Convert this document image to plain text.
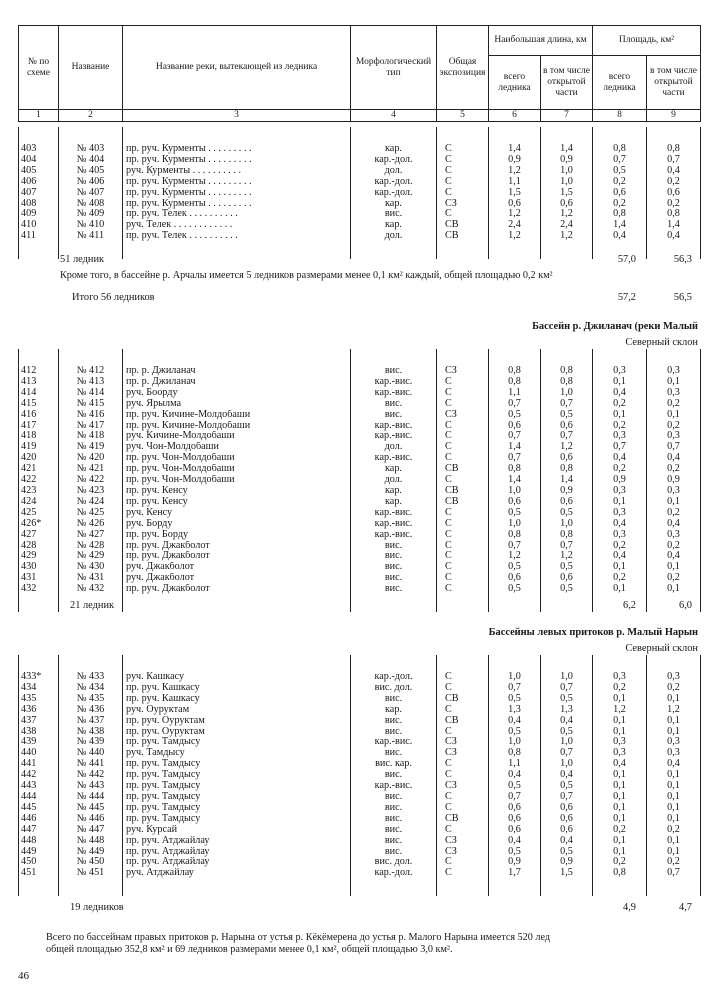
№ по схеме	Название	Название реки, вытекающей из ледника	Морфологический тип	Общая экспозиция	Наибольшая длина, км		Площадь, км²	
					всего ледника	в том числе открытой части	всего ледника	в том числе открытой части
1	2	3	4	5	6	7	8	9

403	№ 403	пр. руч. Курменты . . . . . . . . .	кар.	С	1,4	1,4	0,8	0,8
404	№ 404	пр. руч. Курменты . . . . . . . . .	кар.-дол.	С	0,9	0,9	0,7	0,7
405	№ 405	руч. Курменты . . . . . . . . . .	дол.	С	1,2	1,0	0,5	0,4
406	№ 406	пр. руч. Курменты . . . . . . . . .	кар.-дол.	С	1,1	1,0	0,2	0,2
407	№ 407	пр. руч. Курменты . . . . . . . . .	кар.-дол.	С	1,5	1,5	0,6	0,6
408	№ 408	пр. руч. Курменты . . . . . . . . .	кар.	СЗ	0,6	0,6	0,2	0,2
409	№ 409	пр. руч. Телек . . . . . . . . . .	вис.	С	1,2	1,2	0,8	0,8
410	№ 410	руч. Телек . . . . . . . . . . . .	кар.	СВ	2,4	2,4	1,4	1,4
411	№ 411	пр. руч. Телек . . . . . . . . . .	дол.	СВ	1,2	1,2	0,4	0,4

51 ледник	57,0	56,3
Кроме того, в бассейне р. Арчалы имеется 5 ледников размерами менее 0,1 км² каждый, общей площадью 0,2 км²
Итого 56 ледников	57,2	56,5
Бассейн р. Джиланач (реки Малый
Северный склон

412	№ 412	пр. р. Джиланач	вис.	СЗ	0,8	0,8	0,3	0,3
413	№ 413	пр. р. Джиланач	кар.-вис.	С	0,8	0,8	0,1	0,1
414	№ 414	руч. Боорду	кар.-вис.	С	1,1	1,0	0,4	0,3
415	№ 415	руч. Ярылма	вис.	С	0,7	0,7	0,2	0,2
416	№ 416	пр. руч. Кичине-Молдобаши	вис.	СЗ	0,5	0,5	0,1	0,1
417	№ 417	пр. руч. Кичине-Молдобаши	кар.-вис.	С	0,6	0,6	0,2	0,2
418	№ 418	руч. Кичине-Молдобаши	кар.-вис.	С	0,7	0,7	0,3	0,3
419	№ 419	руч. Чон-Молдобаши	дол.	С	1,4	1,2	0,7	0,7
420	№ 420	пр. руч. Чон-Молдобаши	кар.-вис.	С	0,7	0,6	0,4	0,4
421	№ 421	пр. руч. Чон-Молдобаши	кар.	СВ	0,8	0,8	0,2	0,2
422	№ 422	пр. руч. Чон-Молдобаши	дол.	С	1,4	1,4	0,9	0,9
423	№ 423	пр. руч. Кенсу	кар.	СВ	1,0	0,9	0,3	0,3
424	№ 424	пр. руч. Кенсу	кар.	СВ	0,6	0,6	0,1	0,1
425	№ 425	руч. Кенсу	кар.-вис.	С	0,5	0,5	0,3	0,2
426*	№ 426	руч. Борду	кар.-вис.	С	1,0	1,0	0,4	0,4
427	№ 427	пр. руч. Борду	кар.-вис.	С	0,8	0,8	0,3	0,3
428	№ 428	пр. руч. Джакболот	вис.	С	0,7	0,7	0,2	0,2
429	№ 429	пр. руч. Джакболот	вис.	С	1,2	1,2	0,4	0,4
430	№ 430	руч. Джакболот	вис.	С	0,5	0,5	0,1	0,1
431	№ 431	руч. Джакболот	вис.	С	0,6	0,6	0,2	0,2
432	№ 432	пр. руч. Джакболот	вис.	С	0,5	0,5	0,1	0,1

21 ледник	6,2	6,0
Бассейны левых притоков р. Малый Нарын
Северный склон

433*	№ 433	руч. Кашкасу	кар.-дол.	С	1,0	1,0	0,3	0,3
434	№ 434	пр. руч. Кашкасу	вис. дол.	С	0,7	0,7	0,2	0,2
435	№ 435	пр. руч. Кашкасу	вис.	СВ	0,5	0,5	0,1	0,1
436	№ 436	руч. Оуруктам	кар.	С	1,3	1,3	1,2	1,2
437	№ 437	пр. руч. Оуруктам	вис.	СВ	0,4	0,4	0,1	0,1
438	№ 438	пр. руч. Оуруктам	вис.	С	0,5	0,5	0,1	0,1
439	№ 439	пр. руч. Тамдысу	кар.-вис.	СЗ	1,0	1,0	0,3	0,3
440	№ 440	руч. Тамдысу	вис.	СЗ	0,8	0,7	0,3	0,3
441	№ 441	пр. руч. Тамдысу	вис. кар.	С	1,1	1,0	0,4	0,4
442	№ 442	пр. руч. Тамдысу	вис.	С	0,4	0,4	0,1	0,1
443	№ 443	пр. руч. Тамдысу	кар.-вис.	СЗ	0,5	0,5	0,1	0,1
444	№ 444	пр. руч. Тамдысу	вис.	С	0,7	0,7	0,1	0,1
445	№ 445	пр. руч. Тамдысу	вис.	С	0,6	0,6	0,1	0,1
446	№ 446	пр. руч. Тамдысу	вис.	СВ	0,6	0,6	0,1	0,1
447	№ 447	руч. Курсай	вис.	С	0,6	0,6	0,2	0,2
448	№ 448	пр. руч. Атджайлау	вис.	СЗ	0,4	0,4	0,1	0,1
449	№ 449	пр. руч. Атджайлау	вис.	СЗ	0,5	0,5	0,1	0,1
450	№ 450	пр. руч. Атджайлау	вис. дол.	С	0,9	0,9	0,2	0,2
451	№ 451	руч. Атджайлау	кар.-дол.	С	1,7	1,5	0,8	0,7

19 ледников	4,9	4,7
Всего по бассейнам правых притоков р. Нарына от устья р. Кёкёмерена до устья р. Малого Нарына имеется 520 лед
общей площадью 352,8 км² и 69 ледников размерами менее 0,1 км², общей площадью 3,0 км².
46
